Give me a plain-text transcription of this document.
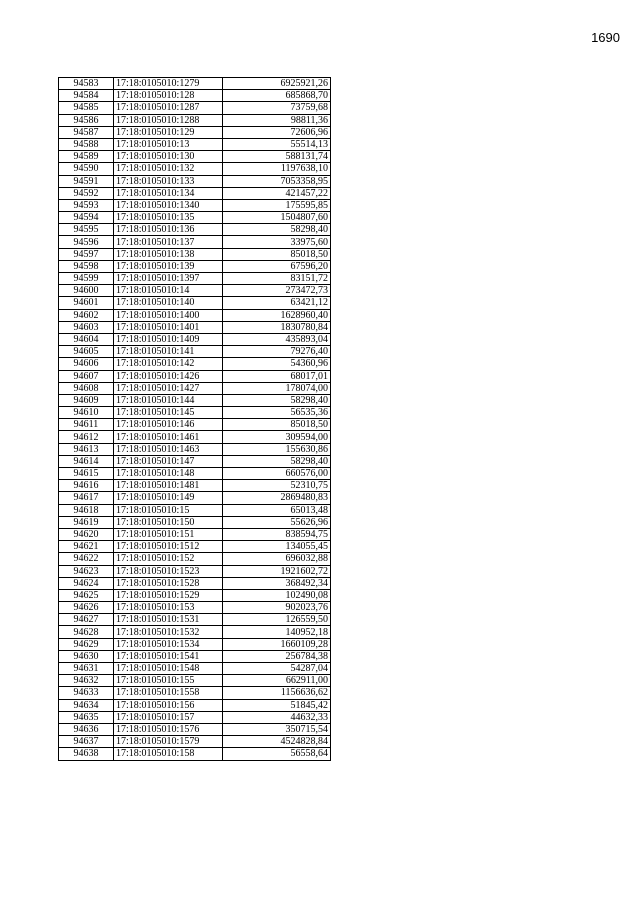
1690
94583	17:18:0105010:1279	6925921,26
94584	17:18:0105010:128	685868,70
94585	17:18:0105010:1287	73759,68
94586	17:18:0105010:1288	98811,36
94587	17:18:0105010:129	72606,96
94588	17:18:0105010:13	55514,13
94589	17:18:0105010:130	588131,74
94590	17:18:0105010:132	1197638,10
94591	17:18:0105010:133	7053358,95
94592	17:18:0105010:134	421457,22
94593	17:18:0105010:1340	175595,85
94594	17:18:0105010:135	1504807,60
94595	17:18:0105010:136	58298,40
94596	17:18:0105010:137	33975,60
94597	17:18:0105010:138	85018,50
94598	17:18:0105010:139	67596,20
94599	17:18:0105010:1397	83151,72
94600	17:18:0105010:14	273472,73
94601	17:18:0105010:140	63421,12
94602	17:18:0105010:1400	1628960,40
94603	17:18:0105010:1401	1830780,84
94604	17:18:0105010:1409	435893,04
94605	17:18:0105010:141	79276,40
94606	17:18:0105010:142	54360,96
94607	17:18:0105010:1426	68017,01
94608	17:18:0105010:1427	178074,00
94609	17:18:0105010:144	58298,40
94610	17:18:0105010:145	56535,36
94611	17:18:0105010:146	85018,50
94612	17:18:0105010:1461	309594,00
94613	17:18:0105010:1463	155630,86
94614	17:18:0105010:147	58298,40
94615	17:18:0105010:148	660576,00
94616	17:18:0105010:1481	52310,75
94617	17:18:0105010:149	2869480,83
94618	17:18:0105010:15	65013,48
94619	17:18:0105010:150	55626,96
94620	17:18:0105010:151	838594,75
94621	17:18:0105010:1512	134055,45
94622	17:18:0105010:152	696032,88
94623	17:18:0105010:1523	1921602,72
94624	17:18:0105010:1528	368492,34
94625	17:18:0105010:1529	102490,08
94626	17:18:0105010:153	902023,76
94627	17:18:0105010:1531	126559,50
94628	17:18:0105010:1532	140952,18
94629	17:18:0105010:1534	1660109,28
94630	17:18:0105010:1541	256784,38
94631	17:18:0105010:1548	54287,04
94632	17:18:0105010:155	662911,00
94633	17:18:0105010:1558	1156636,62
94634	17:18:0105010:156	51845,42
94635	17:18:0105010:157	44632,33
94636	17:18:0105010:1576	350715,54
94637	17:18:0105010:1579	4524828,84
94638	17:18:0105010:158	56558,64
